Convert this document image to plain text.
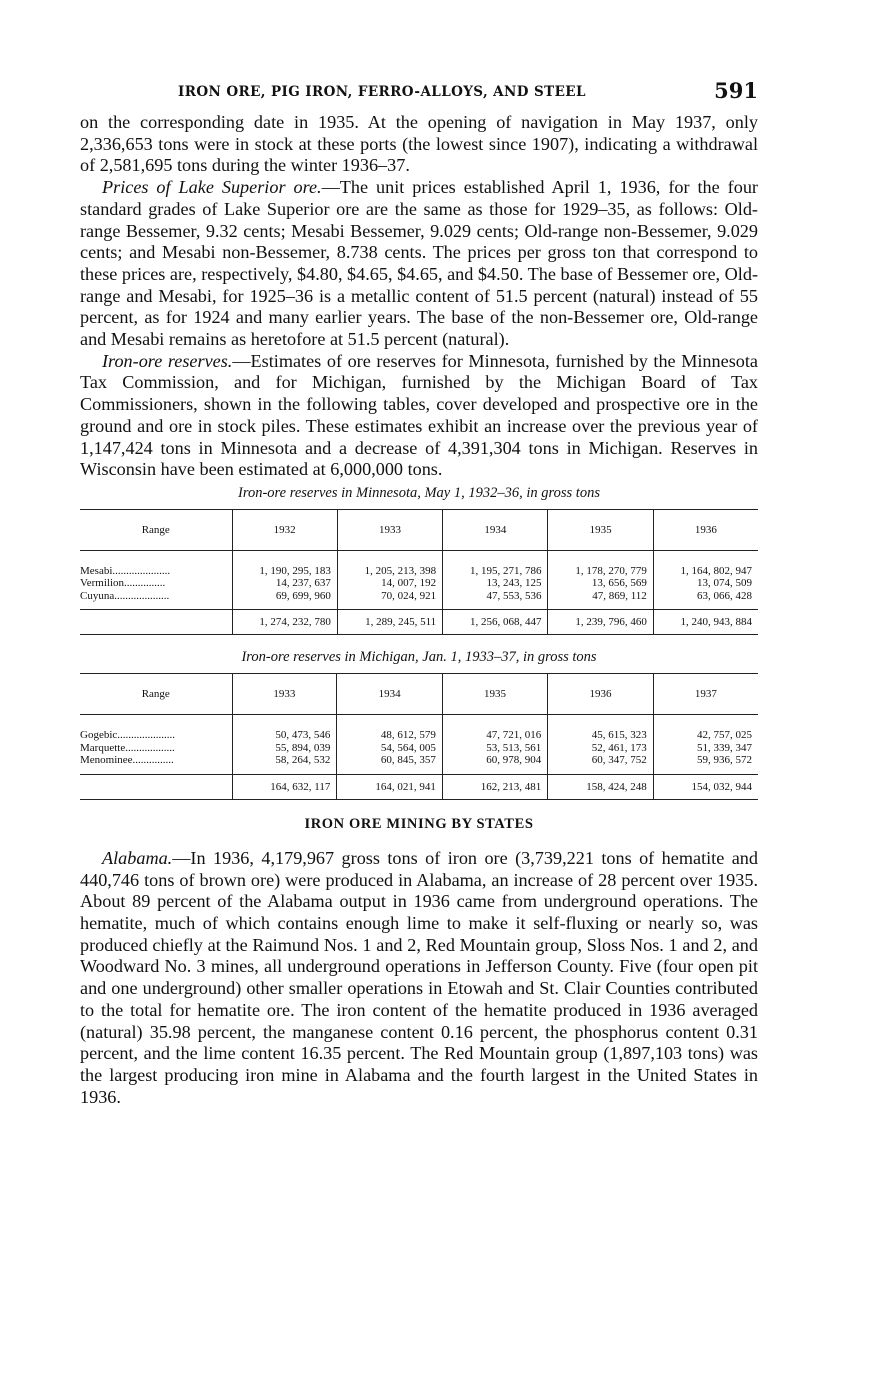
IRON ORE, PIG IRON, FERRO-ALLOYS, AND STEEL	591

on the corresponding date in 1935. At the opening of navigation in May 1937, only 2,336,653 tons were in stock at these ports (the lowest since 1907), indicating a withdrawal of 2,581,695 tons during the winter 1936–37.

Prices of Lake Superior ore.—The unit prices established April 1, 1936, for the four standard grades of Lake Superior ore are the same as those for 1929–35, as follows: Old-range Bessemer, 9.32 cents; Mesabi Bessemer, 9.029 cents; Old-range non-Bessemer, 9.029 cents; and Mesabi non-Bessemer, 8.738 cents. The prices per gross ton that correspond to these prices are, respectively, $4.80, $4.65, $4.65, and $4.50. The base of Bessemer ore, Old-range and Mesabi, for 1925–36 is a metallic content of 51.5 percent (natural) instead of 55 percent, as for 1924 and many earlier years. The base of the non-Bessemer ore, Old-range and Mesabi remains as heretofore at 51.5 percent (natural).

Iron-ore reserves.—Estimates of ore reserves for Minnesota, furnished by the Minnesota Tax Commission, and for Michigan, furnished by the Michigan Board of Tax Commissioners, shown in the following tables, cover developed and prospective ore in the ground and ore in stock piles. These estimates exhibit an increase over the previous year of 1,147,424 tons in Minnesota and a decrease of 4,391,304 tons in Michigan. Reserves in Wisconsin have been estimated at 6,000,000 tons.

Iron-ore reserves in Minnesota, May 1, 1932–36, in gross tons
Range	1932	1933	1934	1935	1936
Mesabi.....................	1, 190, 295, 183	1, 205, 213, 398	1, 195, 271, 786	1, 178, 270, 779	1, 164, 802, 947
Vermilion...............	14, 237, 637	14, 007, 192	13, 243, 125	13, 656, 569	13, 074, 509
Cuyuna....................	69, 699, 960	70, 024, 921	47, 553, 536	47, 869, 112	63, 066, 428
	1, 274, 232, 780	1, 289, 245, 511	1, 256, 068, 447	1, 239, 796, 460	1, 240, 943, 884
Iron-ore reserves in Michigan, Jan. 1, 1933–37, in gross tons
Range	1933	1934	1935	1936	1937
Gogebic.....................	50, 473, 546	48, 612, 579	47, 721, 016	45, 615, 323	42, 757, 025
Marquette..................	55, 894, 039	54, 564, 005	53, 513, 561	52, 461, 173	51, 339, 347
Menominee...............	58, 264, 532	60, 845, 357	60, 978, 904	60, 347, 752	59, 936, 572
	164, 632, 117	164, 021, 941	162, 213, 481	158, 424, 248	154, 032, 944
IRON ORE MINING BY STATES

Alabama.—In 1936, 4,179,967 gross tons of iron ore (3,739,221 tons of hematite and 440,746 tons of brown ore) were produced in Alabama, an increase of 28 percent over 1935. About 89 percent of the Alabama output in 1936 came from underground operations. The hematite, much of which contains enough lime to make it self-fluxing or nearly so, was produced chiefly at the Raimund Nos. 1 and 2, Red Mountain group, Sloss Nos. 1 and 2, and Woodward No. 3 mines, all underground operations in Jefferson County. Five (four open pit and one underground) other smaller operations in Etowah and St. Clair Counties contributed to the total for hematite ore. The iron content of the hematite produced in 1936 averaged (natural) 35.98 percent, the manganese content 0.16 percent, the phosphorus content 0.31 percent, and the lime content 16.35 percent. The Red Mountain group (1,897,103 tons) was the largest producing iron mine in Alabama and the fourth largest in the United States in 1936.
